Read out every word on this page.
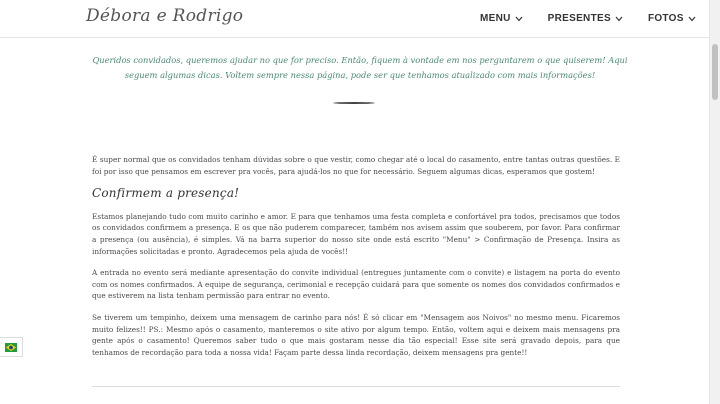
Débora e Rodrigo	MENU	PRESENTES	FOTOS
Queridos convidados, queremos ajudar no que for preciso. Então, fiquem à vontade em nos perguntarem o que quiserem! Aqui seguem algumas dicas. Voltem sempre nessa página, pode ser que tenhamos atualizado com mais informações!

É super normal que os convidados tenham dúvidas sobre o que vestir, como chegar até o local do casamento, entre tantas outras questões. E foi por isso que pensamos em escrever pra vocês, para ajudá-los no que for necessário. Seguem algumas dicas, esperamos que gostem!

Confirmem a presença!

Estamos planejando tudo com muito carinho e amor. E para que tenhamos uma festa completa e confortável pra todos, precisamos que todos os convidados confirmem a presença. E os que não puderem comparecer, também nos avisem assim que souberem, por favor. Para confirmar a presença (ou ausência), é simples. Vá na barra superior do nosso site onde está escrito "Menu" > Confirmação de Presença. Insira as informações solicitadas e pronto. Agradecemos pela ajuda de vocês!!

A entrada no evento será mediante apresentação do convite individual (entregues juntamente com o convite) e listagem na porta do evento com os nomes confirmados. A equipe de segurança, cerimonial e recepção cuidará para que somente os nomes dos convidados confirmados e que estiverem na lista tenham permissão para entrar no evento.

Se tiverem um tempinho, deixem uma mensagem de carinho para nós! É só clicar em "Mensagem aos Noivos" no mesmo menu. Ficaremos muito felizes!! PS.: Mesmo após o casamento, manteremos o site ativo por algum tempo. Então, voltem aqui e deixem mais mensagens pra gente após o casamento! Queremos saber tudo o que mais gostaram nesse dia tão especial! Esse site será gravado depois, para que tenhamos de recordação para toda a nossa vida! Façam parte dessa linda recordação, deixem mensagens pra gente!!
